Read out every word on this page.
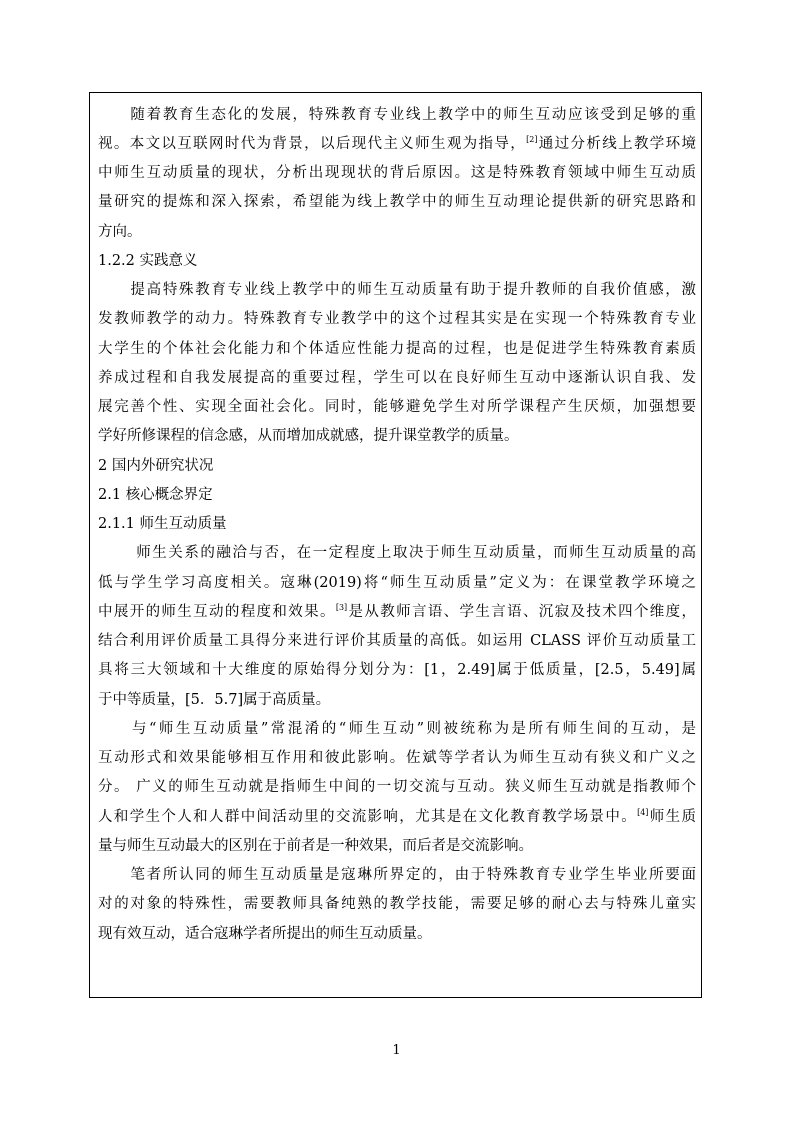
　　随着教育生态化的发展，特殊教育专业线上教学中的师生互动应该受到足够的重
视。本文以互联网时代为背景，以后现代主义师生观为指导，[2]通过分析线上教学环境
中师生互动质量的现状，分析出现现状的背后原因。这是特殊教育领域中师生互动质
量研究的提炼和深入探索，希望能为线上教学中的师生互动理论提供新的研究思路和
方向。
1.2.2 实践意义
　　提高特殊教育专业线上教学中的师生互动质量有助于提升教师的自我价值感，激
发教师教学的动力。特殊教育专业教学中的这个过程其实是在实现一个特殊教育专业
大学生的个体社会化能力和个体适应性能力提高的过程，也是促进学生特殊教育素质
养成过程和自我发展提高的重要过程，学生可以在良好师生互动中逐渐认识自我、发
展完善个性、实现全面社会化。同时，能够避免学生对所学课程产生厌烦，加强想要
学好所修课程的信念感，从而增加成就感，提升课堂教学的质量。
2 国内外研究状况
2.1 核心概念界定
2.1.1 师生互动质量
　　 师生关系的融洽与否，在一定程度上取决于师生互动质量，而师生互动质量的高
低与学生学习高度相关。寇琳(2019)将“师生互动质量”定义为：在课堂教学环境之
中展开的师生互动的程度和效果。[3]是从教师言语、学生言语、沉寂及技术四个维度，
结合利用评价质量工具得分来进行评价其质量的高低。如运用 CLASS 评价互动质量工
具将三大领域和十大维度的原始得分划分为：[1，2.49]属于低质量，[2.5，5.49]属
于中等质量，[5．5.7]属于高质量。
　　与“师生互动质量”常混淆的“师生互动”则被统称为是所有师生间的互动，是
互动形式和效果能够相互作用和彼此影响。佐斌等学者认为师生互动有狭义和广义之
分。 广义的师生互动就是指师生中间的一切交流与互动。狭义师生互动就是指教师个
人和学生个人和人群中间活动里的交流影响，尤其是在文化教育教学场景中。[4]师生质
量与师生互动最大的区别在于前者是一种效果，而后者是交流影响。
　　笔者所认同的师生互动质量是寇琳所界定的，由于特殊教育专业学生毕业所要面
对的对象的特殊性，需要教师具备纯熟的教学技能，需要足够的耐心去与特殊儿童实
现有效互动，适合寇琳学者所提出的师生互动质量。
1
